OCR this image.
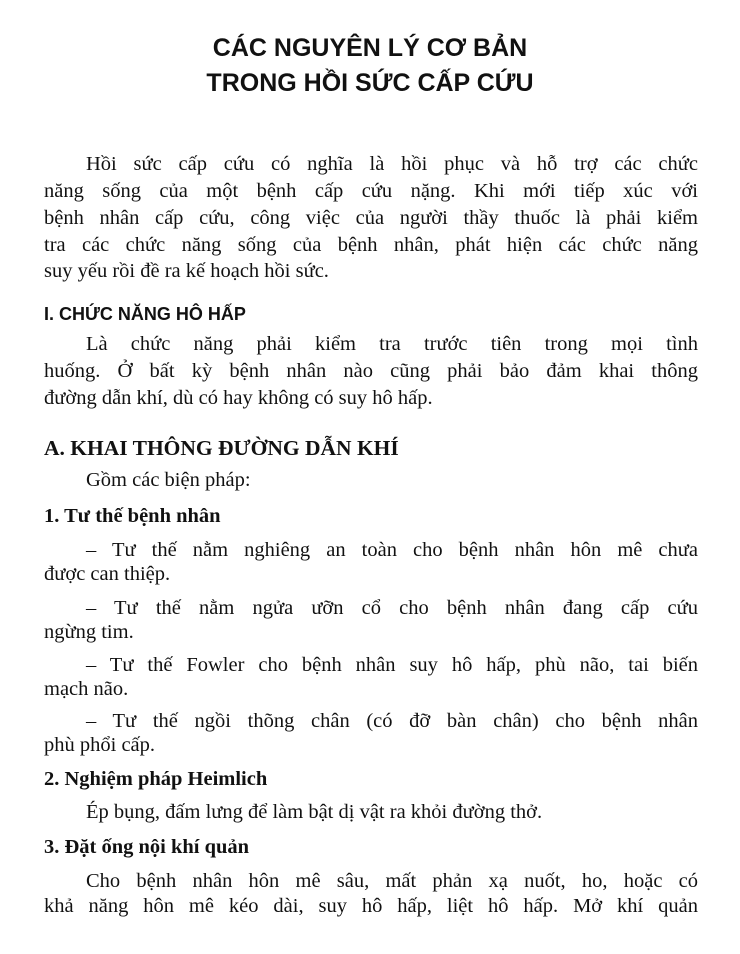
CÁC NGUYÊN LÝ CƠ BẢN
TRONG HỒI SỨC CẤP CỨU
Hồi sức cấp cứu có nghĩa là hồi phục và hỗ trợ các chức
năng sống của một bệnh cấp cứu nặng. Khi mới tiếp xúc với
bệnh nhân cấp cứu, công việc của người thầy thuốc là phải kiểm
tra các chức năng sống của bệnh nhân, phát hiện các chức năng
suy yếu rồi đề ra kế hoạch hồi sức.
I. CHỨC NĂNG HÔ HẤP
Là chức năng phải kiểm tra trước tiên trong mọi tình
huống. Ở bất kỳ bệnh nhân nào cũng phải bảo đảm khai thông
đường dẫn khí, dù có hay không có suy hô hấp.
A. KHAI THÔNG ĐƯỜNG DẪN KHÍ
Gồm các biện pháp:
1. Tư thế bệnh nhân
– Tư thế nằm nghiêng an toàn cho bệnh nhân hôn mê chưa
được can thiệp.
– Tư thế nằm ngửa ưỡn cổ cho bệnh nhân đang cấp cứu
ngừng tim.
– Tư thế Fowler cho bệnh nhân suy hô hấp, phù não, tai biến
mạch não.
– Tư thế ngồi thõng chân (có đỡ bàn chân) cho bệnh nhân
phù phổi cấp.
2. Nghiệm pháp Heimlich
Ép bụng, đấm lưng để làm bật dị vật ra khỏi đường thở.
3. Đặt ống nội khí quản
Cho bệnh nhân hôn mê sâu, mất phản xạ nuốt, ho, hoặc có
khả năng hôn mê kéo dài, suy hô hấp, liệt hô hấp. Mở khí quản
